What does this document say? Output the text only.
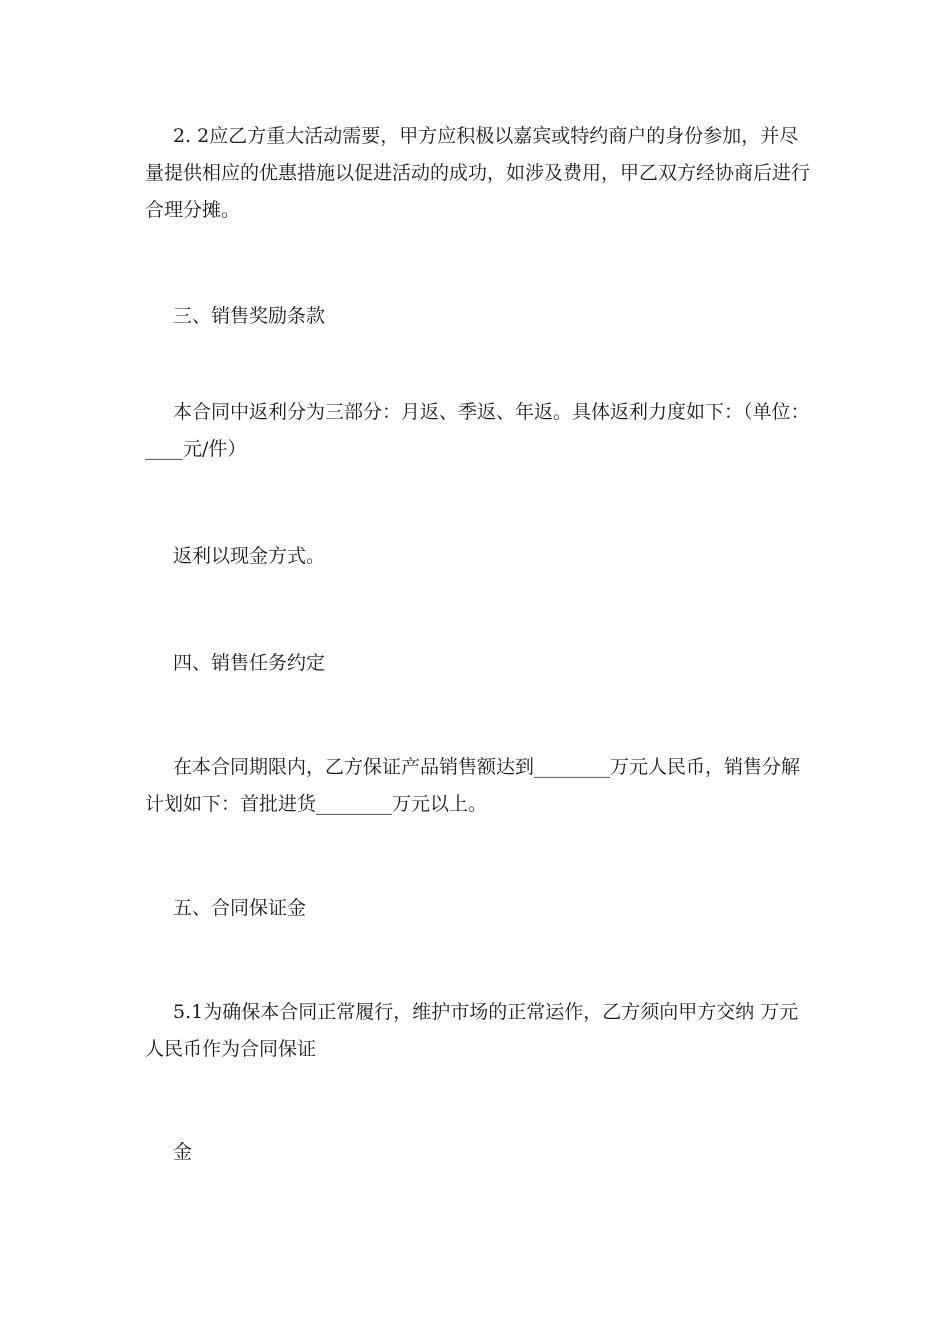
2. 2应乙方重大活动需要，甲方应积极以嘉宾或特约商户的身份参加，并尽量提供相应的优惠措施以促进活动的成功，如涉及费用，甲乙双方经协商后进行合理分摊。

三、销售奖励条款

本合同中返利分为三部分：月返、季返、年返。具体返利力度如下：（单位：____元/件）

返利以现金方式。

四、销售任务约定

在本合同期限内，乙方保证产品销售额达到________万元人民币，销售分解计划如下：首批进货________万元以上。

五、合同保证金

5.1为确保本合同正常履行，维护市场的正常运作，乙方须向甲方交纳 万元人民币作为合同保证

金
